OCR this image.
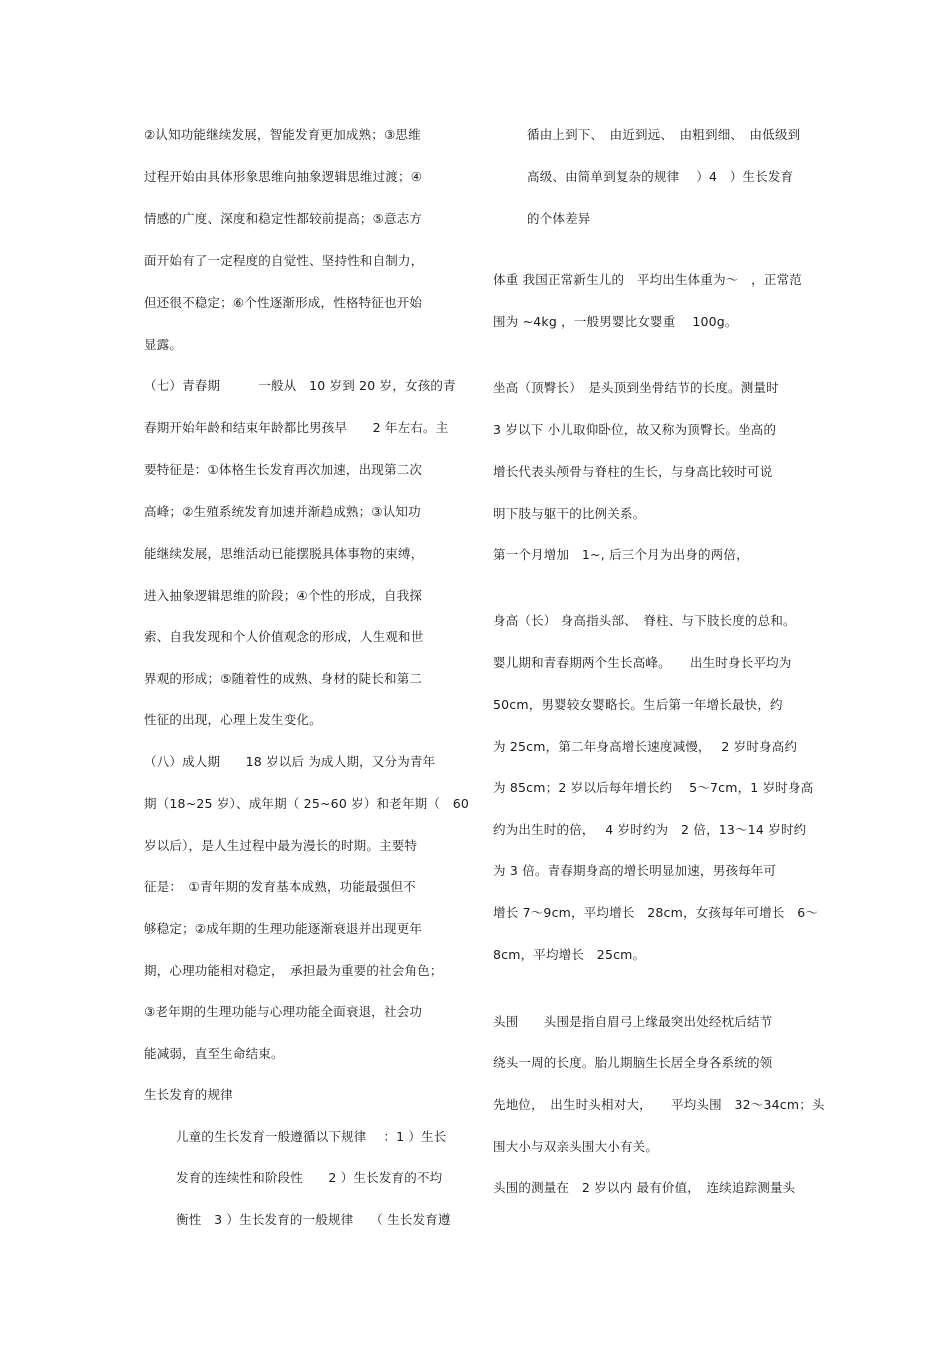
②认知功能继续发展，智能发育更加成熟；③思维
过程开始由具体形象思维向抽象逻辑思维过渡；④
情感的广度、深度和稳定性都较前提高；⑤意志方
面开始有了一定程度的自觉性、坚持性和自制力，
但还很不稳定；⑥个性逐渐形成，性格特征也开始
显露。
（七）青春期　　　一般从　10 岁到 20 岁，女孩的青
春期开始年龄和结束年龄都比男孩早　　2 年左右。主
要特征是：①体格生长发育再次加速，出现第二次
高峰；②生殖系统发育加速并渐趋成熟；③认知功
能继续发展，思维活动已能摆脱具体事物的束缚，
进入抽象逻辑思维的阶段；④个性的形成，自我探
索、自我发现和个人价值观念的形成，人生观和世
界观的形成；⑤随着性的成熟、身材的陡长和第二
性征的出现，心理上发生变化。
（八）成人期　　18 岁以后 为成人期，又分为青年
期（18~25 岁）、成年期（ 25~60 岁）和老年期（　60
岁以后），是人生过程中最为漫长的时期。主要特
征是：　①青年期的发育基本成熟，功能最强但不
够稳定；②成年期的生理功能逐渐衰退并出现更年
期，心理功能相对稳定，　承担最为重要的社会角色；
③老年期的生理功能与心理功能全面衰退，社会功
能减弱，直至生命结束。
生长发育的规律
儿童的生长发育一般遵循以下规律　 ：1 ）生长
发育的连续性和阶段性　　2 ）生长发育的不均
衡性　3 ）生长发育的一般规律　 （ 生长发育遵
循由上到下、　由近到远、　由粗到细、　由低级到
高级、由简单到复杂的规律　 ）4　）生长发育
的个体差异
体重 我国正常新生儿的　平均出生体重为～　，正常范
围为 ~4kg ，一般男婴比女婴重　 100g。
坐高（顶臀长）　是头顶到坐骨结节的长度。测量时
3 岁以下 小儿取仰卧位，故又称为顶臀长。坐高的
增长代表头颅骨与脊柱的生长，与身高比较时可说
明下肢与躯干的比例关系。
第一个月增加　1~, 后三个月为出身的两倍，
身高（长） 身高指头部、　脊柱、与下肢长度的总和。
婴儿期和青春期两个生长高峰。　　出生时身长平均为
50cm，男婴较女婴略长。生后第一年增长最快，约
为 25cm，第二年身高增长速度减慢，　 2 岁时身高约
为 85cm；2 岁以后每年增长约　 5～7cm，1 岁时身高
约为出生时的倍，　 4 岁时约为　2 倍，13～14 岁时约
为 3 倍。青春期身高的增长明显加速，男孩每年可
增长 7～9cm，平均增长　28cm，女孩每年可增长　6～
8cm，平均增长　25cm。
头围　　头围是指自眉弓上缘最突出处经枕后结节
绕头一周的长度。胎儿期脑生长居全身各系统的领
先地位，　出生时头相对大，　　平均头围　32～34cm；头
围大小与双亲头围大小有关。
头围的测量在　2 岁以内 最有价值，　连续追踪测量头
